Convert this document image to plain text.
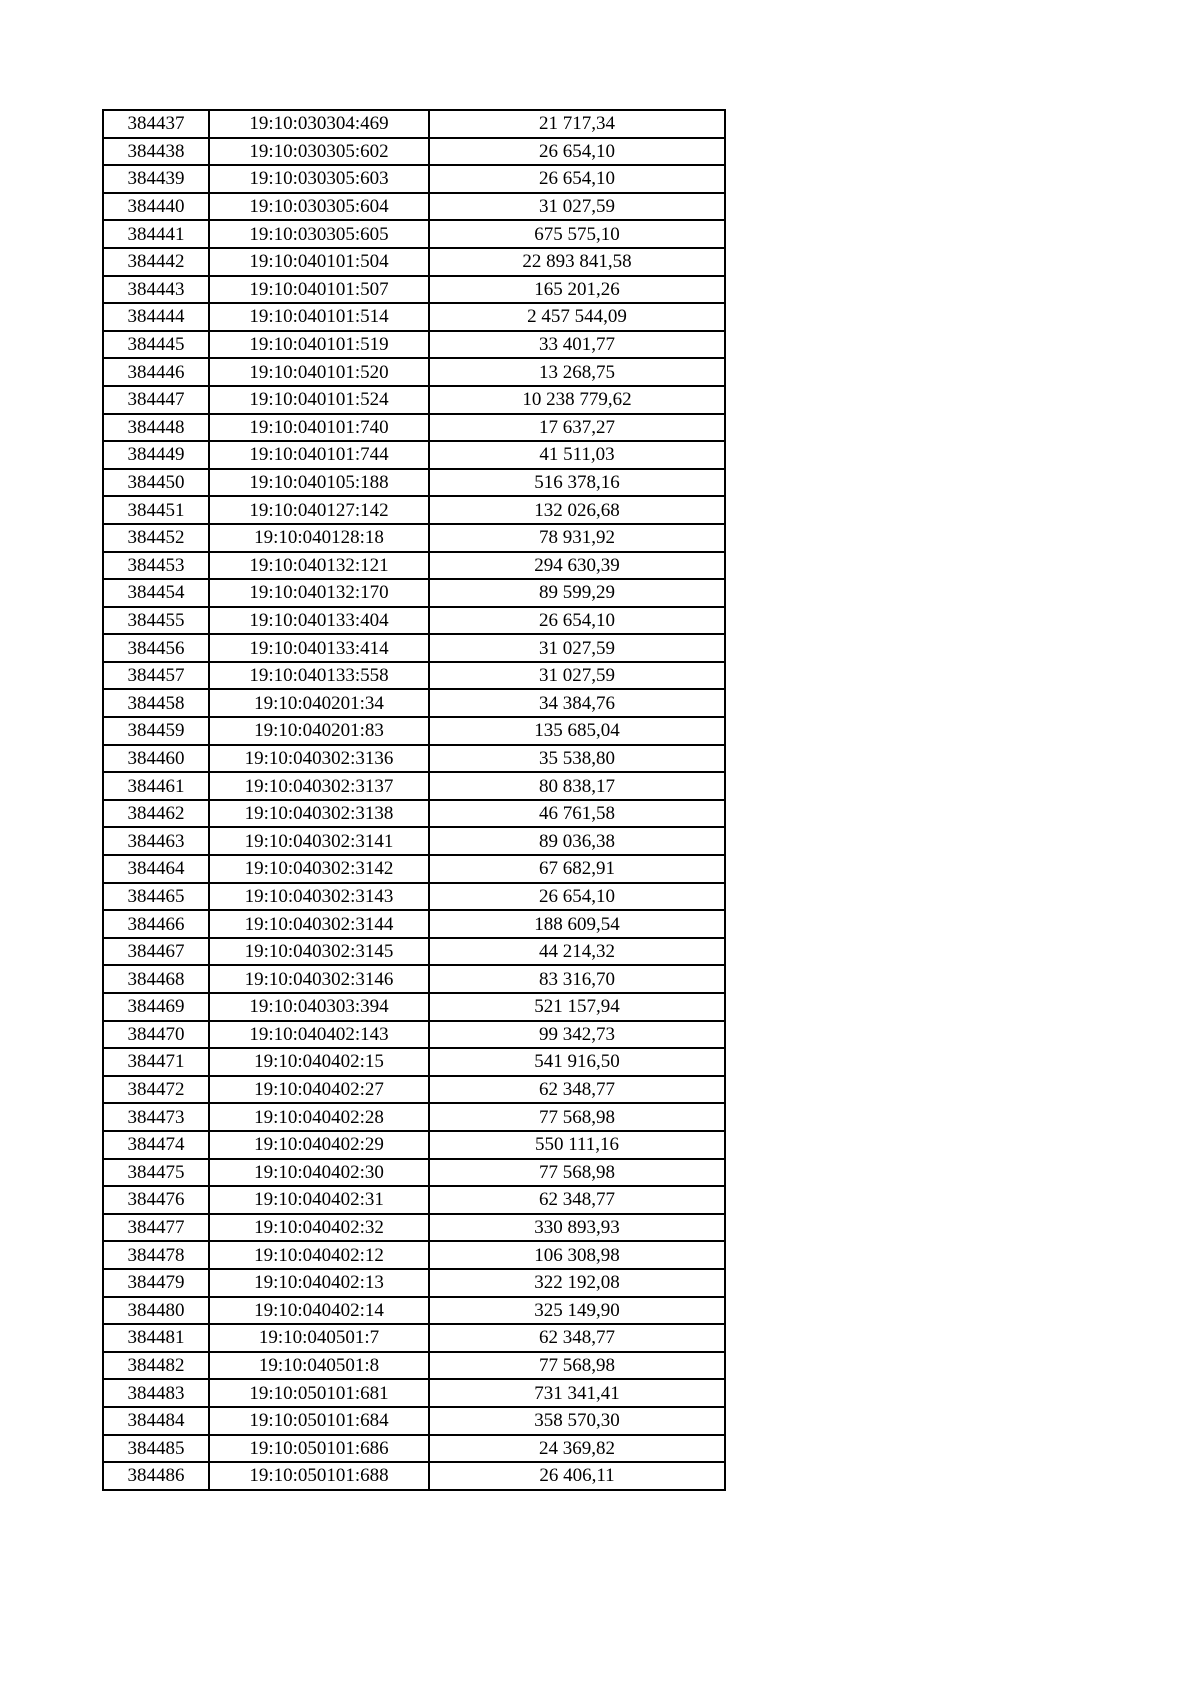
384437	19:10:030304:469	21 717,34
384438	19:10:030305:602	26 654,10
384439	19:10:030305:603	26 654,10
384440	19:10:030305:604	31 027,59
384441	19:10:030305:605	675 575,10
384442	19:10:040101:504	22 893 841,58
384443	19:10:040101:507	165 201,26
384444	19:10:040101:514	2 457 544,09
384445	19:10:040101:519	33 401,77
384446	19:10:040101:520	13 268,75
384447	19:10:040101:524	10 238 779,62
384448	19:10:040101:740	17 637,27
384449	19:10:040101:744	41 511,03
384450	19:10:040105:188	516 378,16
384451	19:10:040127:142	132 026,68
384452	19:10:040128:18	78 931,92
384453	19:10:040132:121	294 630,39
384454	19:10:040132:170	89 599,29
384455	19:10:040133:404	26 654,10
384456	19:10:040133:414	31 027,59
384457	19:10:040133:558	31 027,59
384458	19:10:040201:34	34 384,76
384459	19:10:040201:83	135 685,04
384460	19:10:040302:3136	35 538,80
384461	19:10:040302:3137	80 838,17
384462	19:10:040302:3138	46 761,58
384463	19:10:040302:3141	89 036,38
384464	19:10:040302:3142	67 682,91
384465	19:10:040302:3143	26 654,10
384466	19:10:040302:3144	188 609,54
384467	19:10:040302:3145	44 214,32
384468	19:10:040302:3146	83 316,70
384469	19:10:040303:394	521 157,94
384470	19:10:040402:143	99 342,73
384471	19:10:040402:15	541 916,50
384472	19:10:040402:27	62 348,77
384473	19:10:040402:28	77 568,98
384474	19:10:040402:29	550 111,16
384475	19:10:040402:30	77 568,98
384476	19:10:040402:31	62 348,77
384477	19:10:040402:32	330 893,93
384478	19:10:040402:12	106 308,98
384479	19:10:040402:13	322 192,08
384480	19:10:040402:14	325 149,90
384481	19:10:040501:7	62 348,77
384482	19:10:040501:8	77 568,98
384483	19:10:050101:681	731 341,41
384484	19:10:050101:684	358 570,30
384485	19:10:050101:686	24 369,82
384486	19:10:050101:688	26 406,11
